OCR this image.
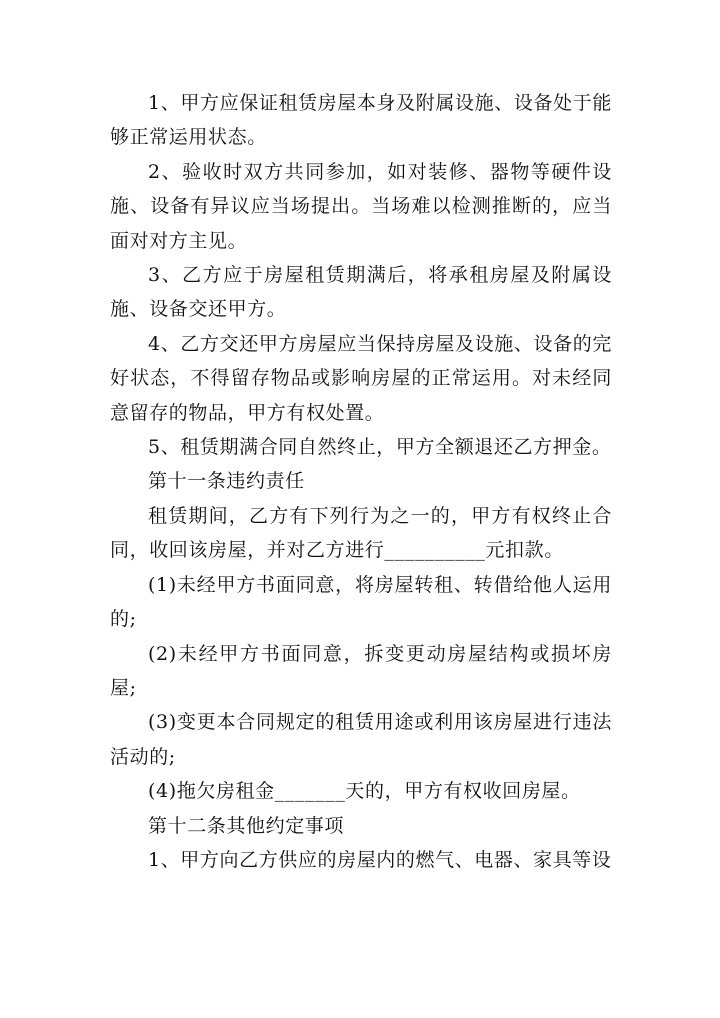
1、甲方应保证租赁房屋本身及附属设施、设备处于能够正常运用状态。

2、验收时双方共同参加，如对装修、器物等硬件设施、设备有异议应当场提出。当场难以检测推断的，应当面对对方主见。

3、乙方应于房屋租赁期满后，将承租房屋及附属设施、设备交还甲方。

4、乙方交还甲方房屋应当保持房屋及设施、设备的完好状态，不得留存物品或影响房屋的正常运用。对未经同意留存的物品，甲方有权处置。

5、租赁期满合同自然终止，甲方全额退还乙方押金。

第十一条违约责任

租赁期间，乙方有下列行为之一的，甲方有权终止合同，收回该房屋，并对乙方进行__________元扣款。

(1)未经甲方书面同意，将房屋转租、转借给他人运用的;

(2)未经甲方书面同意，拆变更动房屋结构或损坏房屋;

(3)变更本合同规定的租赁用途或利用该房屋进行违法活动的;

(4)拖欠房租金_______天的，甲方有权收回房屋。

第十二条其他约定事项

1、甲方向乙方供应的房屋内的燃气、电器、家具等设
